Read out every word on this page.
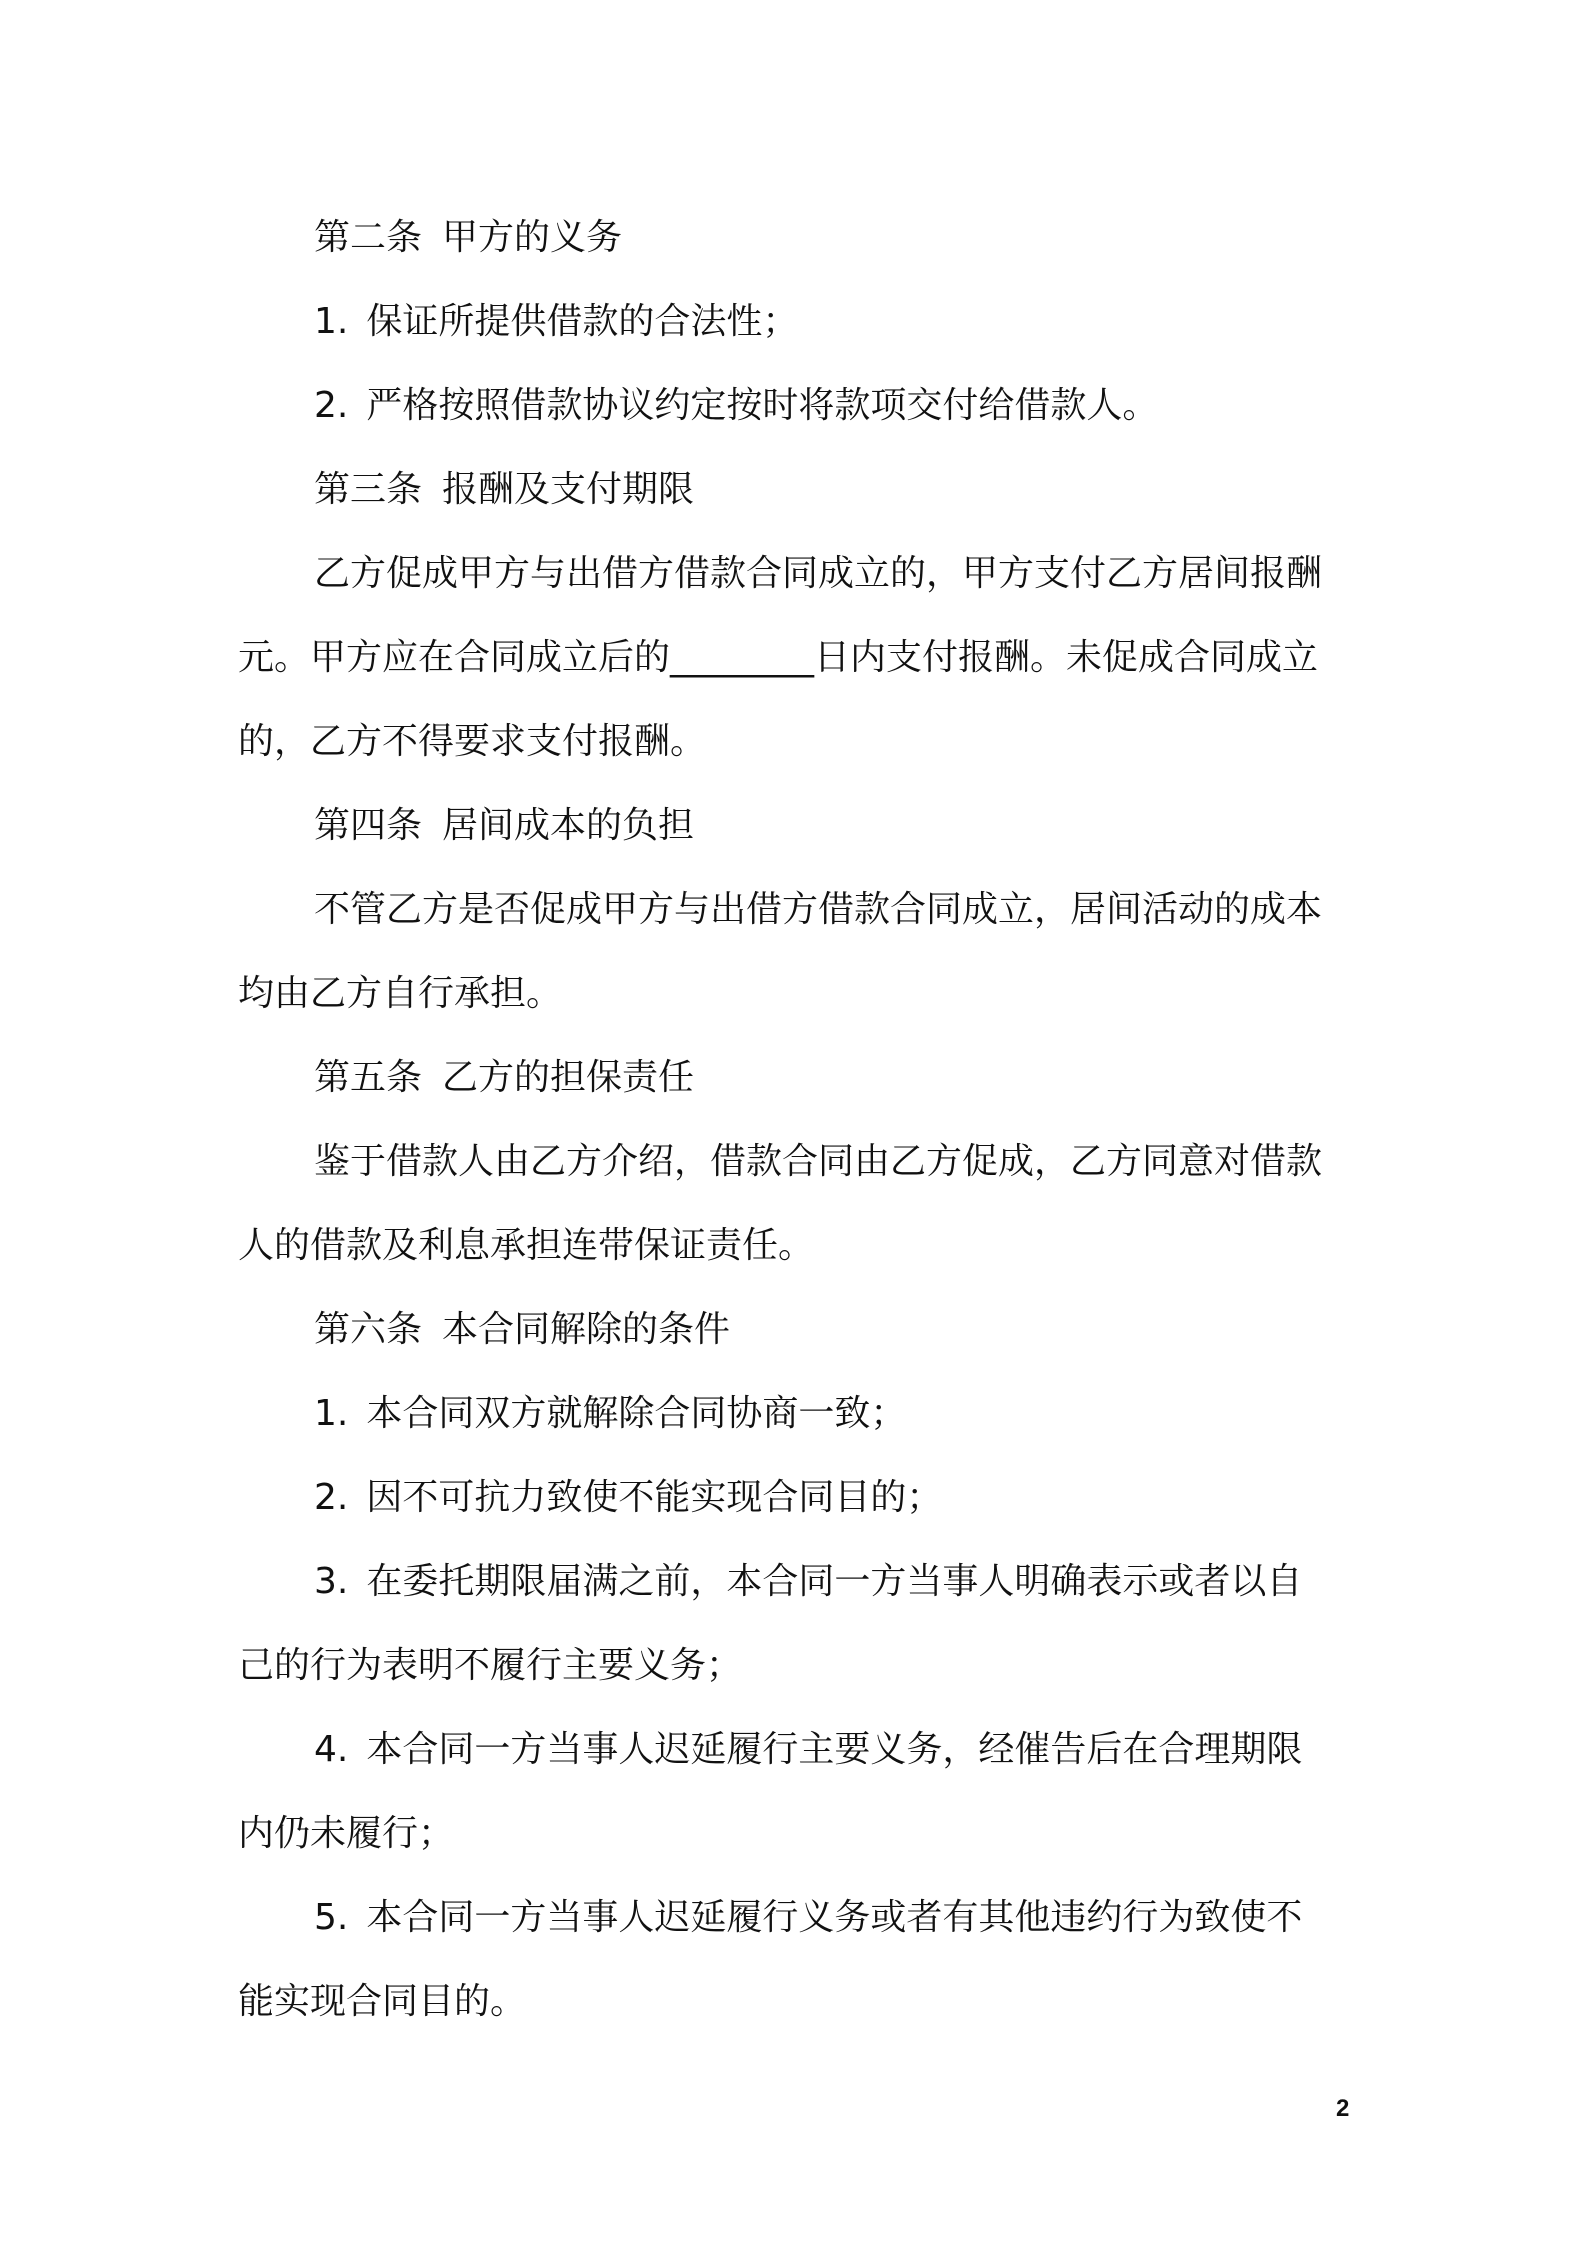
第二条 甲方的义务
1. 保证所提供借款的合法性；
2. 严格按照借款协议约定按时将款项交付给借款人。
第三条 报酬及支付期限
乙方促成甲方与出借方借款合同成立的，甲方支付乙方居间报酬
元。甲方应在合同成立后的________日内支付报酬。未促成合同成立
的，乙方不得要求支付报酬。
第四条 居间成本的负担
不管乙方是否促成甲方与出借方借款合同成立，居间活动的成本
均由乙方自行承担。
第五条 乙方的担保责任
鉴于借款人由乙方介绍，借款合同由乙方促成，乙方同意对借款
人的借款及利息承担连带保证责任。
第六条 本合同解除的条件
1. 本合同双方就解除合同协商一致；
2. 因不可抗力致使不能实现合同目的；
3. 在委托期限届满之前，本合同一方当事人明确表示或者以自
己的行为表明不履行主要义务；
4. 本合同一方当事人迟延履行主要义务，经催告后在合理期限
内仍未履行；
5. 本合同一方当事人迟延履行义务或者有其他违约行为致使不
能实现合同目的。
2
